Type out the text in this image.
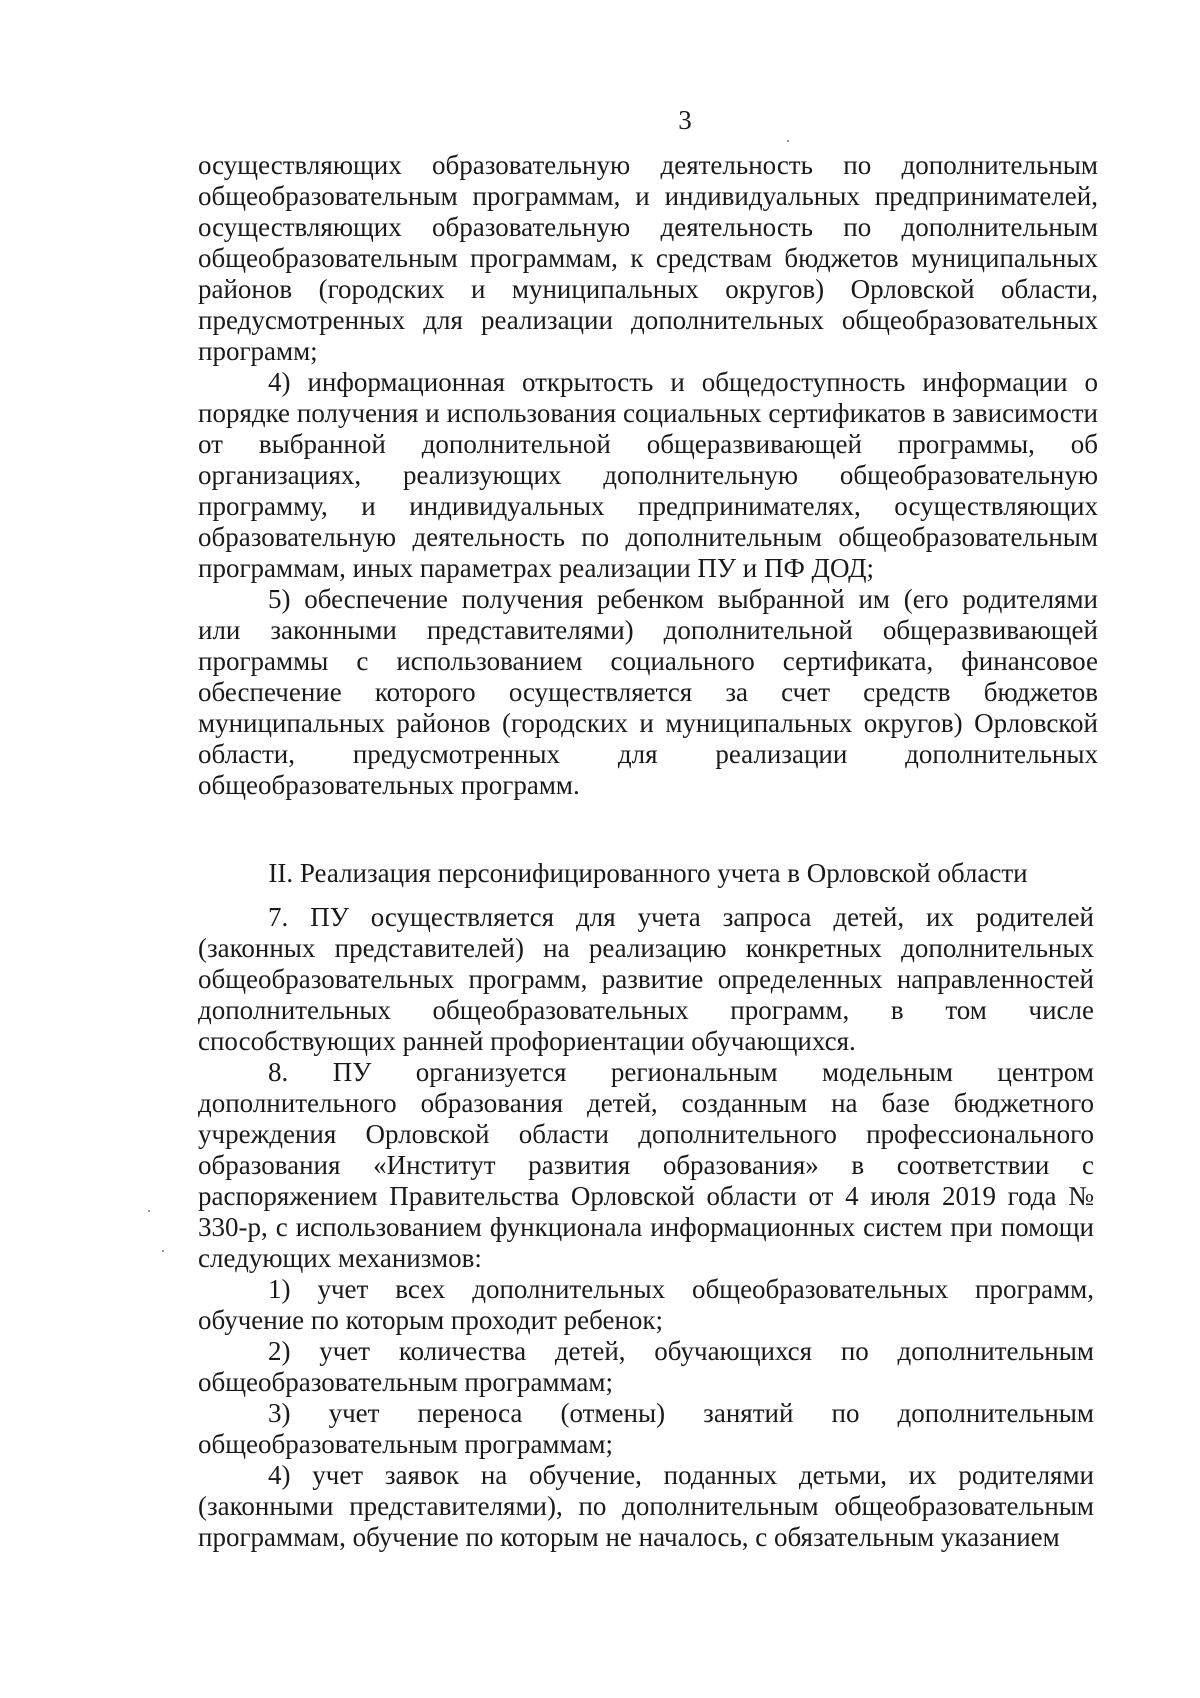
3

осуществляющих образовательную деятельность по дополнительным общеобразовательным программам, и индивидуальных предпринимателей, осуществляющих образовательную деятельность по дополнительным общеобразовательным программам, к средствам бюджетов муниципальных районов (городских и муниципальных округов) Орловской области, предусмотренных для реализации дополнительных общеобразовательных программ;

4) информационная открытость и общедоступность информации о порядке получения и использования социальных сертификатов в зависимости от выбранной дополнительной общеразвивающей программы, об организациях, реализующих дополнительную общеобразовательную программу, и индивидуальных предпринимателях, осуществляющих образовательную деятельность по дополнительным общеобразовательным программам, иных параметрах реализации ПУ и ПФ ДОД;

5) обеспечение получения ребенком выбранной им (его родителями или законными представителями) дополнительной общеразвивающей программы с использованием социального сертификата, финансовое обеспечение которого осуществляется за счет средств бюджетов муниципальных районов (городских и муниципальных округов) Орловской области, предусмотренных для реализации дополнительных общеобразовательных программ.

II. Реализация персонифицированного учета в Орловской области

7. ПУ осуществляется для учета запроса детей, их родителей (законных представителей) на реализацию конкретных дополнительных общеобразовательных программ, развитие определенных направленностей дополнительных общеобразовательных программ, в том числе способствующих ранней профориентации обучающихся.

8. ПУ организуется региональным модельным центром дополнительного образования детей, созданным на базе бюджетного учреждения Орловской области дополнительного профессионального образования «Институт развития образования» в соответствии с распоряжением Правительства Орловской области от 4 июля 2019 года № 330-р, с использованием функционала информационных систем при помощи следующих механизмов:

1) учет всех дополнительных общеобразовательных программ, обучение по которым проходит ребенок;

2) учет количества детей, обучающихся по дополнительным общеобразовательным программам;

3) учет переноса (отмены) занятий по дополнительным общеобразовательным программам;

4) учет заявок на обучение, поданных детьми, их родителями (законными представителями), по дополнительным общеобразовательным программам, обучение по которым не началось, с обязательным указанием
